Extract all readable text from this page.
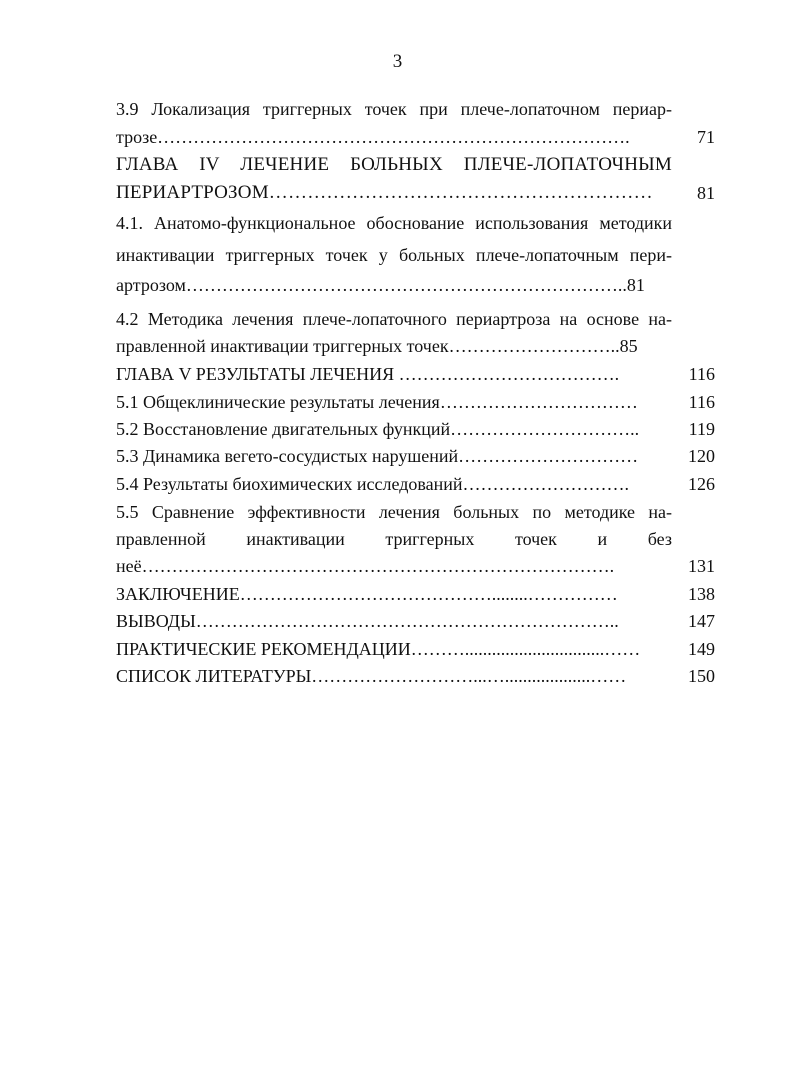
3
3.9 Локализация триггерных точек при плече-лопаточном периар-
трозе…………………………………………………………………….	71
ГЛАВА IV ЛЕЧЕНИЕ БОЛЬНЫХ ПЛЕЧЕ-ЛОПАТОЧНЫМ
ПЕРИАРТРОЗОМ……………………………………………………	81
4.1. Анатомо-функциональное обоснование использования методики
инактивации триггерных точек у больных плече-лопаточным пери-
артрозом………………………………………………………………..81
4.2 Методика лечения плече-лопаточного периартроза на основе на-
правленной инактивации триггерных точек………………………..85
ГЛАВА V РЕЗУЛЬТАТЫ ЛЕЧЕНИЯ ……………………………….	116
5.1 Общеклинические результаты лечения……………………………	116
5.2 Восстановление двигательных функций…………………………..	119
5.3 Динамика вегето-сосудистых нарушений…………………………	120
5.4 Результаты биохимических исследований……………………….	126
5.5 Сравнение эффективности лечения больных по методике на-
правленной инактивации триггерных точек и без
неё…………………………………………………………………….	131
ЗАКЛЮЧЕНИЕ……………………………………........……………	138
ВЫВОДЫ……………………………………………………………..	147
ПРАКТИЧЕСКИЕ РЕКОМЕНДАЦИИ………...............................……	149
СПИСОК ЛИТЕРАТУРЫ………………………...…...................……	150
